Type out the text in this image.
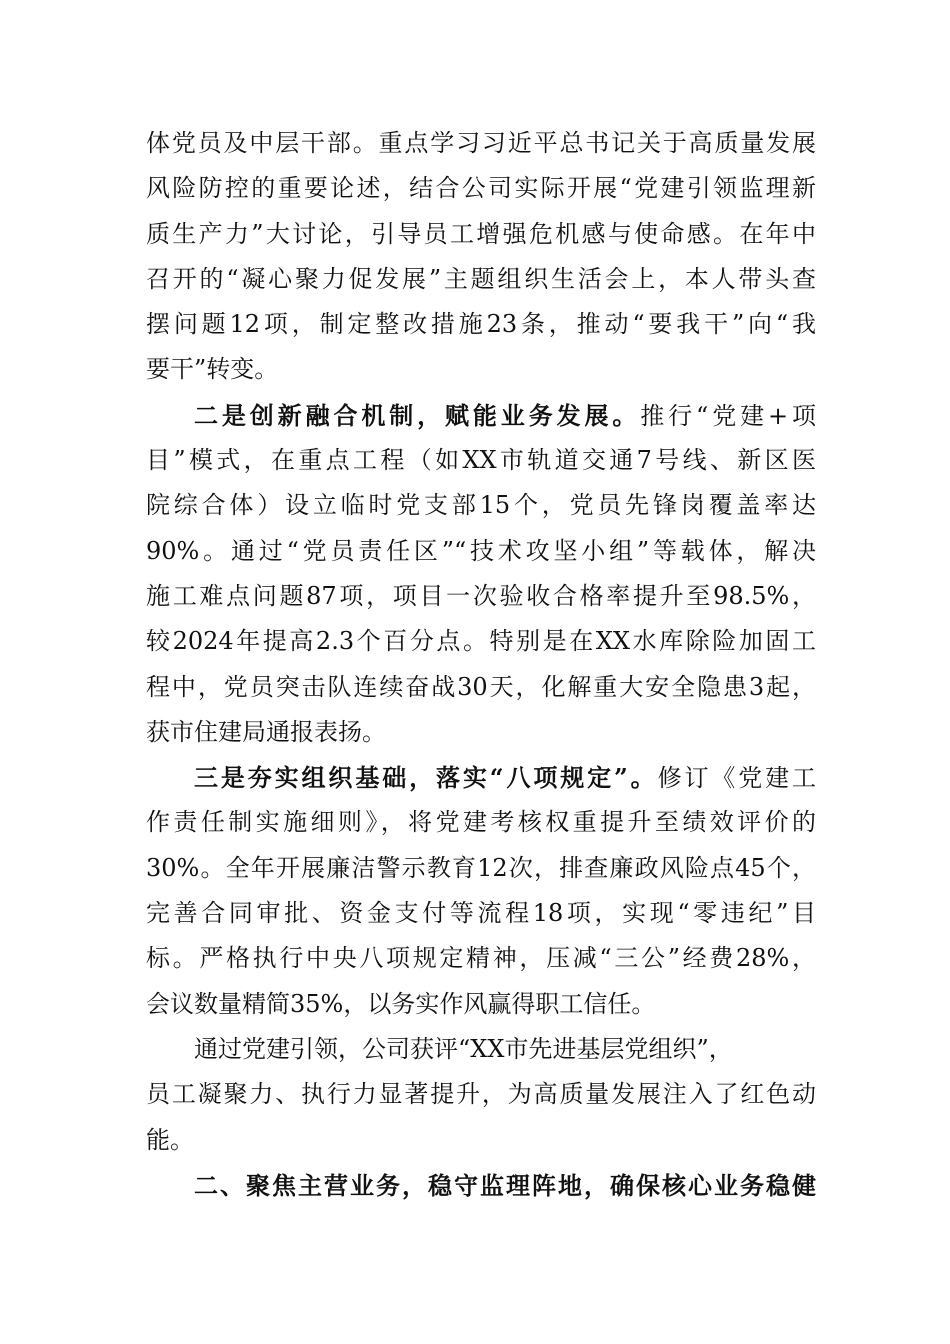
体党员及中层干部。重点学习习近平总书记关于高质量发展
风险防控的重要论述，结合公司实际开展“党建引领监理新
质生产力”大讨论，引导员工增强危机感与使命感。在年中
召开的“凝心聚力促发展”主题组织生活会上，本人带头查
摆问题12项，制定整改措施23条，推动“要我干”向“我
要干”转变。
二是创新融合机制，赋能业务发展。推行“党建+项
目”模式，在重点工程（如XX市轨道交通7号线、新区医
院综合体）设立临时党支部15个，党员先锋岗覆盖率达
90%。通过“党员责任区”“技术攻坚小组”等载体，解决
施工难点问题87项，项目一次验收合格率提升至98.5%，
较2024年提高2.3个百分点。特别是在XX水库除险加固工
程中，党员突击队连续奋战30天，化解重大安全隐患3起，
获市住建局通报表扬。
三是夯实组织基础，落实“八项规定”。修订《党建工
作责任制实施细则》，将党建考核权重提升至绩效评价的
30%。全年开展廉洁警示教育12次，排查廉政风险点45个，
完善合同审批、资金支付等流程18项，实现“零违纪”目
标。严格执行中央八项规定精神，压减“三公”经费28%，
会议数量精简35%，以务实作风赢得职工信任。
通过党建引领，公司获评“XX市先进基层党组织”，
员工凝聚力、执行力显著提升，为高质量发展注入了红色动
能。
二、聚焦主营业务，稳守监理阵地，确保核心业务稳健
